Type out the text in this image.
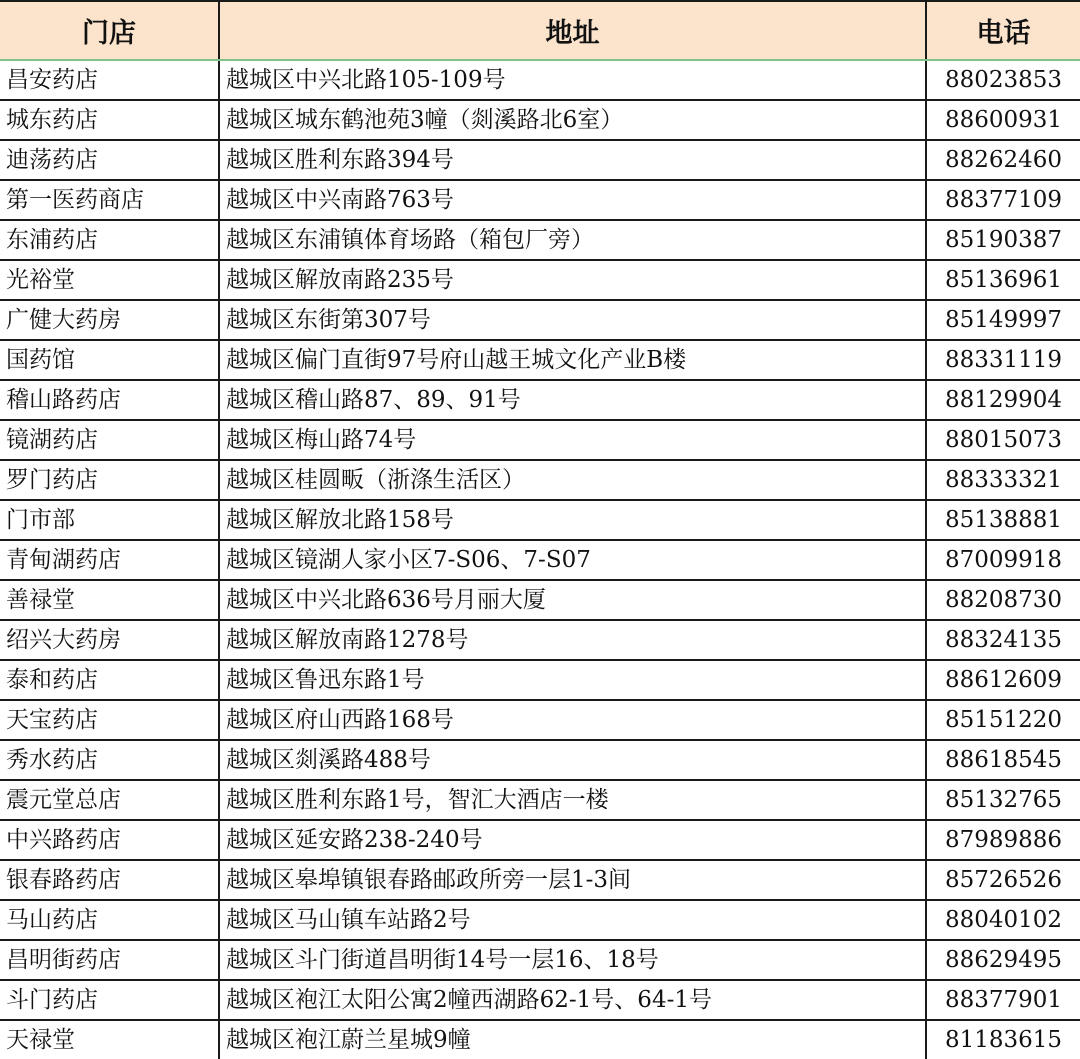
门店	地址	电话
昌安药店	越城区中兴北路105-109号	88023853
城东药店	越城区城东鹤池苑3幢（剡溪路北6室）	88600931
迪荡药店	越城区胜利东路394号	88262460
第一医药商店	越城区中兴南路763号	88377109
东浦药店	越城区东浦镇体育场路（箱包厂旁）	85190387
光裕堂	越城区解放南路235号	85136961
广健大药房	越城区东街第307号	85149997
国药馆	越城区偏门直街97号府山越王城文化产业B楼	88331119
稽山路药店	越城区稽山路87、89、91号	88129904
镜湖药店	越城区梅山路74号	88015073
罗门药店	越城区桂圆畈（浙涤生活区）	88333321
门市部	越城区解放北路158号	85138881
青甸湖药店	越城区镜湖人家小区7-S06、7-S07	87009918
善禄堂	越城区中兴北路636号月丽大厦	88208730
绍兴大药房	越城区解放南路1278号	88324135
泰和药店	越城区鲁迅东路1号	88612609
天宝药店	越城区府山西路168号	85151220
秀水药店	越城区剡溪路488号	88618545
震元堂总店	越城区胜利东路1号，智汇大酒店一楼	85132765
中兴路药店	越城区延安路238-240号	87989886
银春路药店	越城区皋埠镇银春路邮政所旁一层1-3间	85726526
马山药店	越城区马山镇车站路2号	88040102
昌明街药店	越城区斗门街道昌明街14号一层16、18号	88629495
斗门药店	越城区袍江太阳公寓2幢西湖路62-1号、64-1号	88377901
天禄堂	越城区袍江蔚兰星城9幢	81183615
